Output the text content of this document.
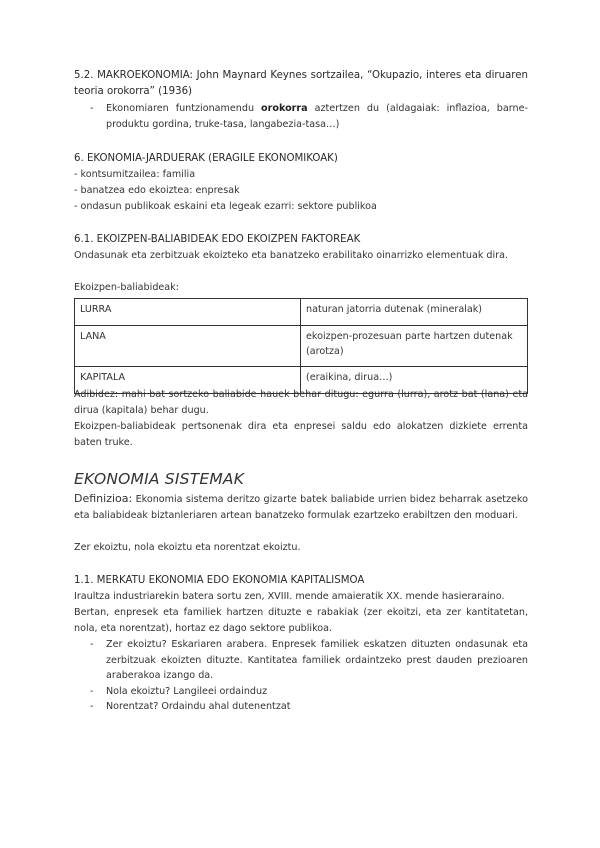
5.2. MAKROEKONOMIA: John Maynard Keynes sortzailea, “Okupazio, interes eta diruaren teoria orokorra” (1936)

- Ekonomiaren funtzionamendu orokorra aztertzen du (aldagaiak: inflazioa, barne- produktu gordina, truke-tasa, langabezia-tasa…)

6. EKONOMIA-JARDUERAK (ERAGILE EKONOMIKOAK)

- kontsumitzailea: familia

- banatzea edo ekoiztea: enpresak

- ondasun publikoak eskaini eta legeak ezarri: sektore publikoa

6.1. EKOIZPEN-BALIABIDEAK EDO EKOIZPEN FAKTOREAK

Ondasunak eta zerbitzuak ekoizteko eta banatzeko erabilitako oinarrizko elementuak dira.

Ekoizpen-baliabideak:

LURRA	naturan jatorria dutenak (mineralak)
LANA	ekoizpen-prozesuan parte hartzen dutenak (arotza)
KAPITALA	(eraikina, dirua…)

Adibidez: mahi bat sortzeko baliabide hauek behar ditugu: egurra (lurra), arotz bat (lana) eta dirua (kapitala) behar dugu.

Ekoizpen-baliabideak pertsonenak dira eta enpresei saldu edo alokatzen dizkiete errenta baten truke.

EKONOMIA SISTEMAK

Definizioa: Ekonomia sistema deritzo gizarte batek baliabide urrien bidez beharrak asetzeko eta baliabideak biztanleriaren artean banatzeko formulak ezartzeko erabiltzen den moduari.

Zer ekoiztu, nola ekoiztu eta norentzat ekoiztu.

1.1. MERKATU EKONOMIA EDO EKONOMIA KAPITALISMOA

Iraultza industriarekin batera sortu zen, XVIII. mende amaieratik XX. mende hasieraraino.

Bertan, enpresek eta familiek hartzen dituzte e rabakiak (zer ekoitzi, eta zer kantitatetan, nola, eta norentzat), hortaz ez dago sektore publikoa.

- Zer ekoiztu? Eskariaren arabera. Enpresek familiek eskatzen dituzten ondasunak eta zerbitzuak ekoizten dituzte. Kantitatea familiek ordaintzeko prest dauden prezioaren araberakoa izango da.
- Nola ekoiztu? Langileei ordainduz
- Norentzat? Ordaindu ahal dutenentzat
